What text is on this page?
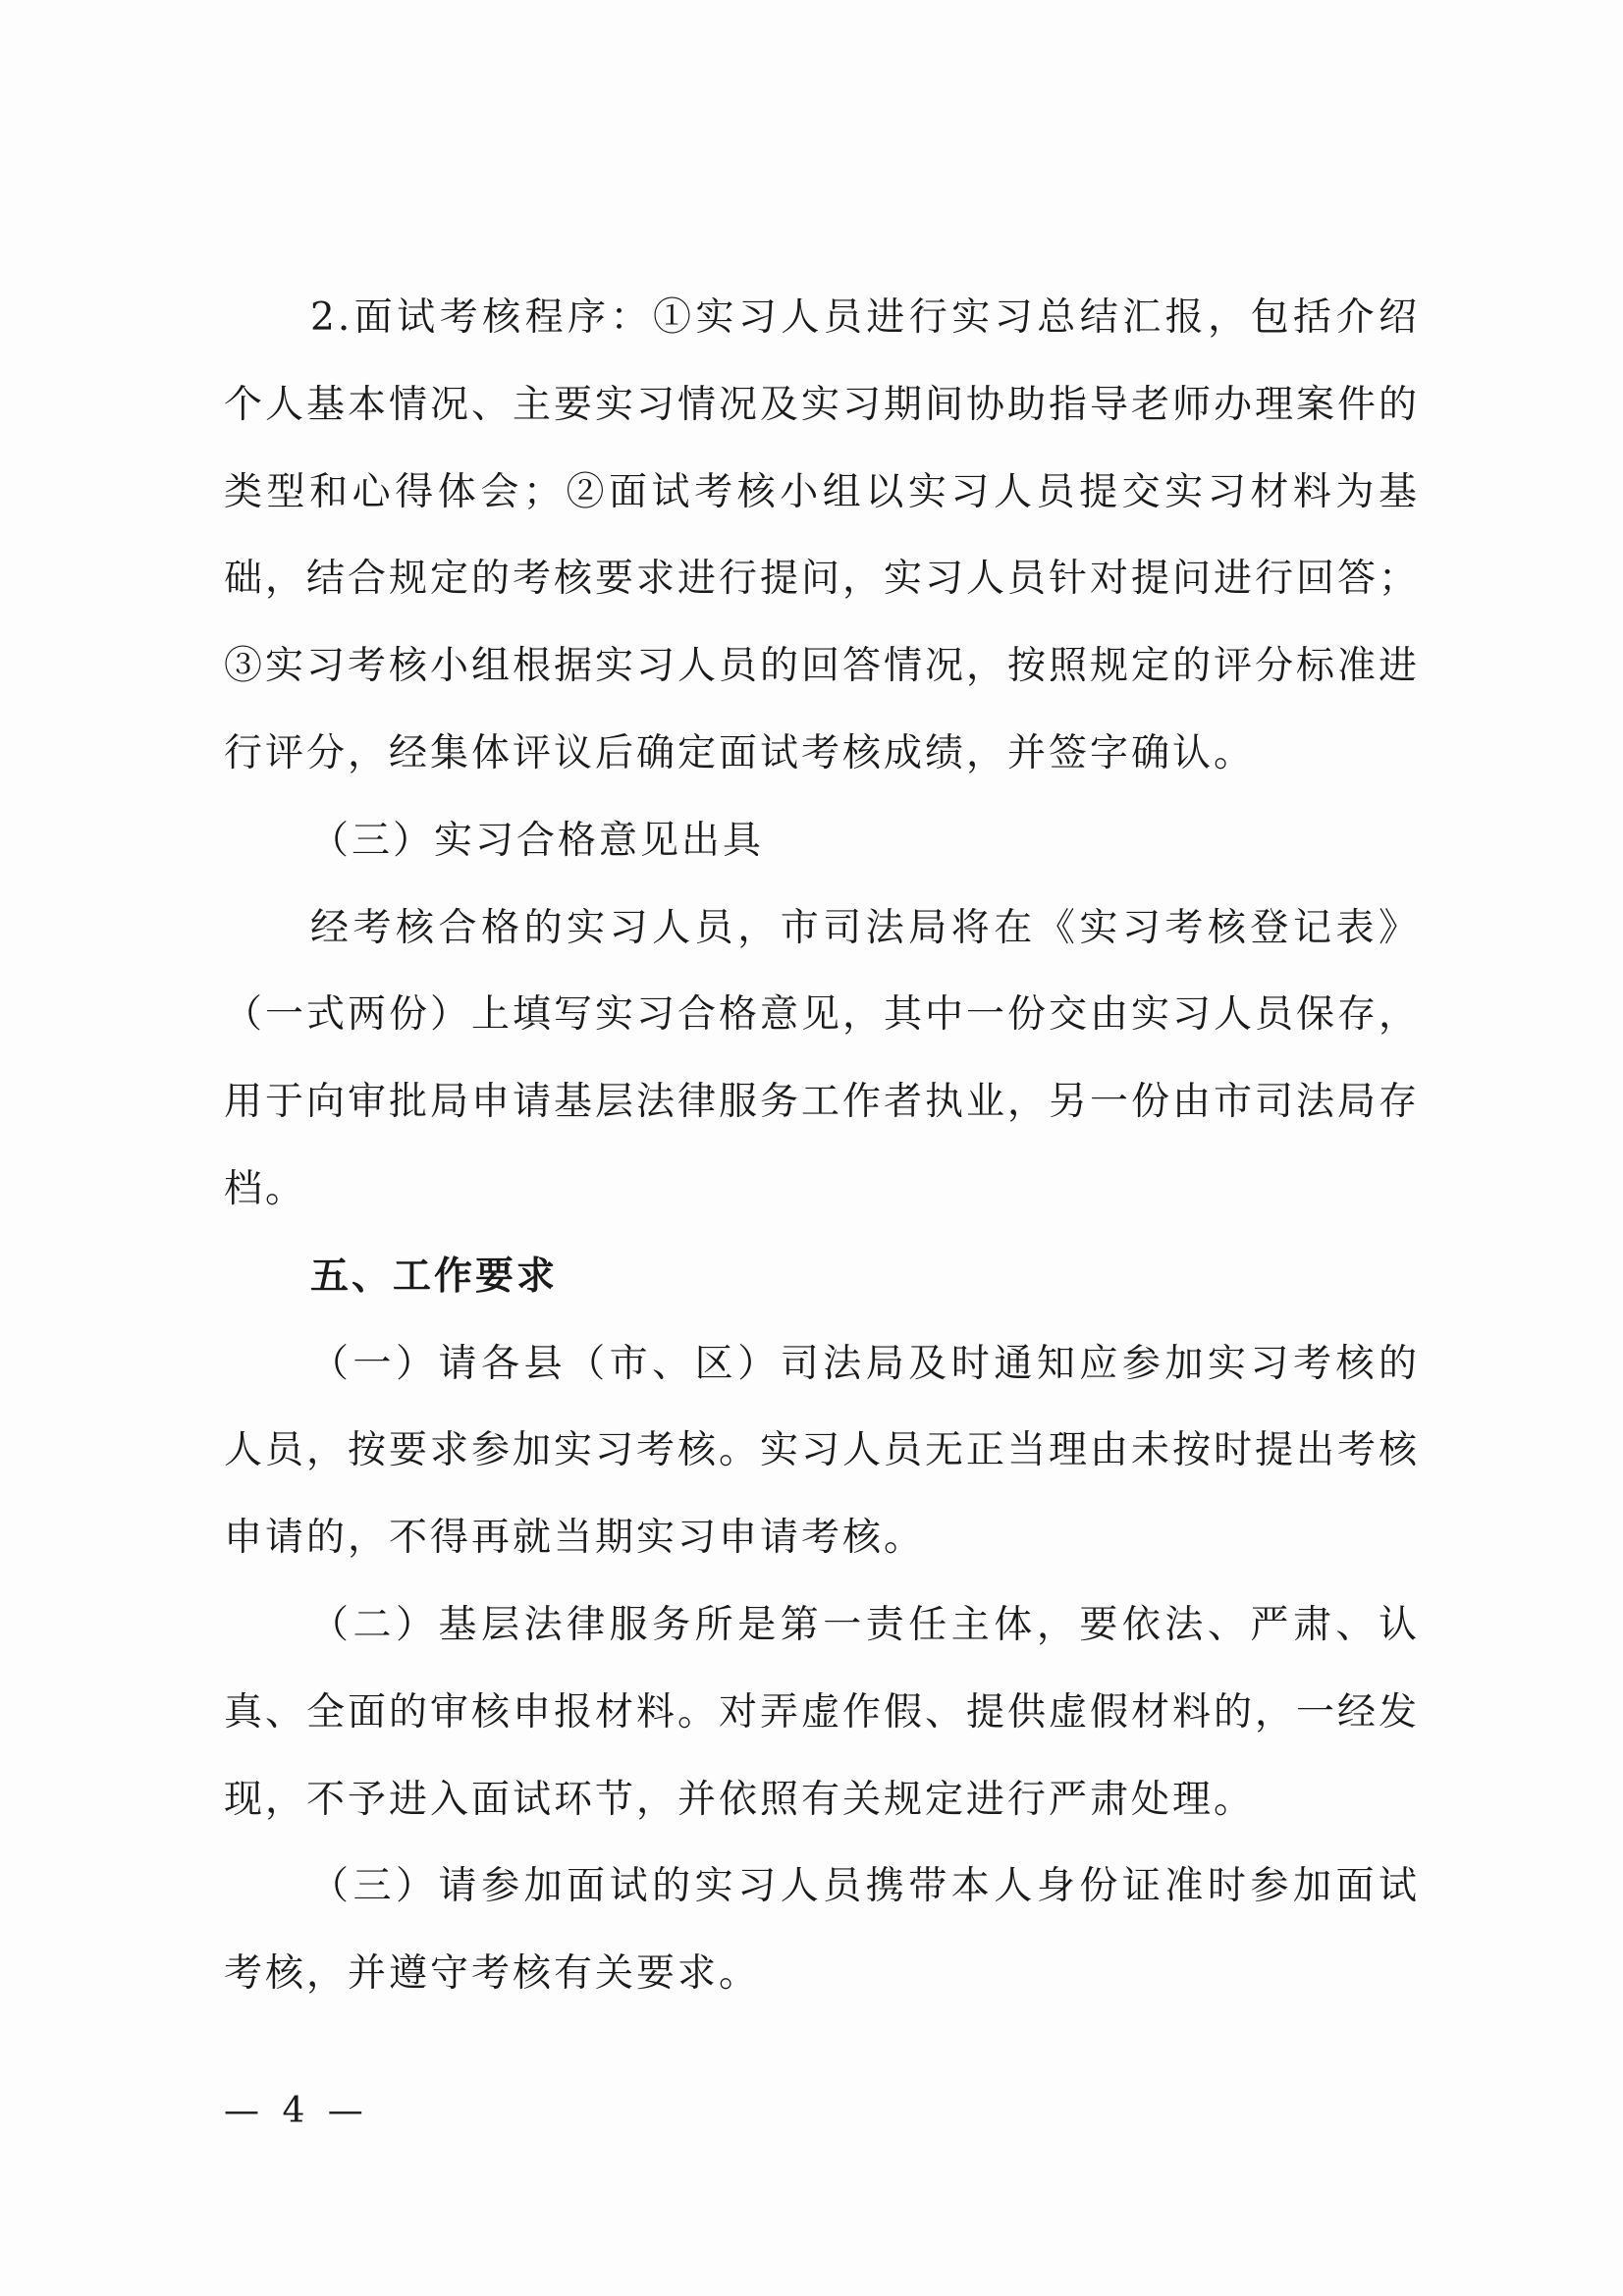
2.面试考核程序：①实习人员进行实习总结汇报，包括介绍个人基本情况、主要实习情况及实习期间协助指导老师办理案件的类型和心得体会；②面试考核小组以实习人员提交实习材料为基础，结合规定的考核要求进行提问，实习人员针对提问进行回答；③实习考核小组根据实习人员的回答情况，按照规定的评分标准进行评分，经集体评议后确定面试考核成绩，并签字确认。

（三）实习合格意见出具

经考核合格的实习人员，市司法局将在《实习考核登记表》（一式两份）上填写实习合格意见，其中一份交由实习人员保存，用于向审批局申请基层法律服务工作者执业，另一份由市司法局存档。

五、工作要求

（一）请各县（市、区）司法局及时通知应参加实习考核的人员，按要求参加实习考核。实习人员无正当理由未按时提出考核申请的，不得再就当期实习申请考核。

（二）基层法律服务所是第一责任主体，要依法、严肃、认真、全面的审核申报材料。对弄虚作假、提供虚假材料的，一经发现，不予进入面试环节，并依照有关规定进行严肃处理。

（三）请参加面试的实习人员携带本人身份证准时参加面试考核，并遵守考核有关要求。

— 4 —
